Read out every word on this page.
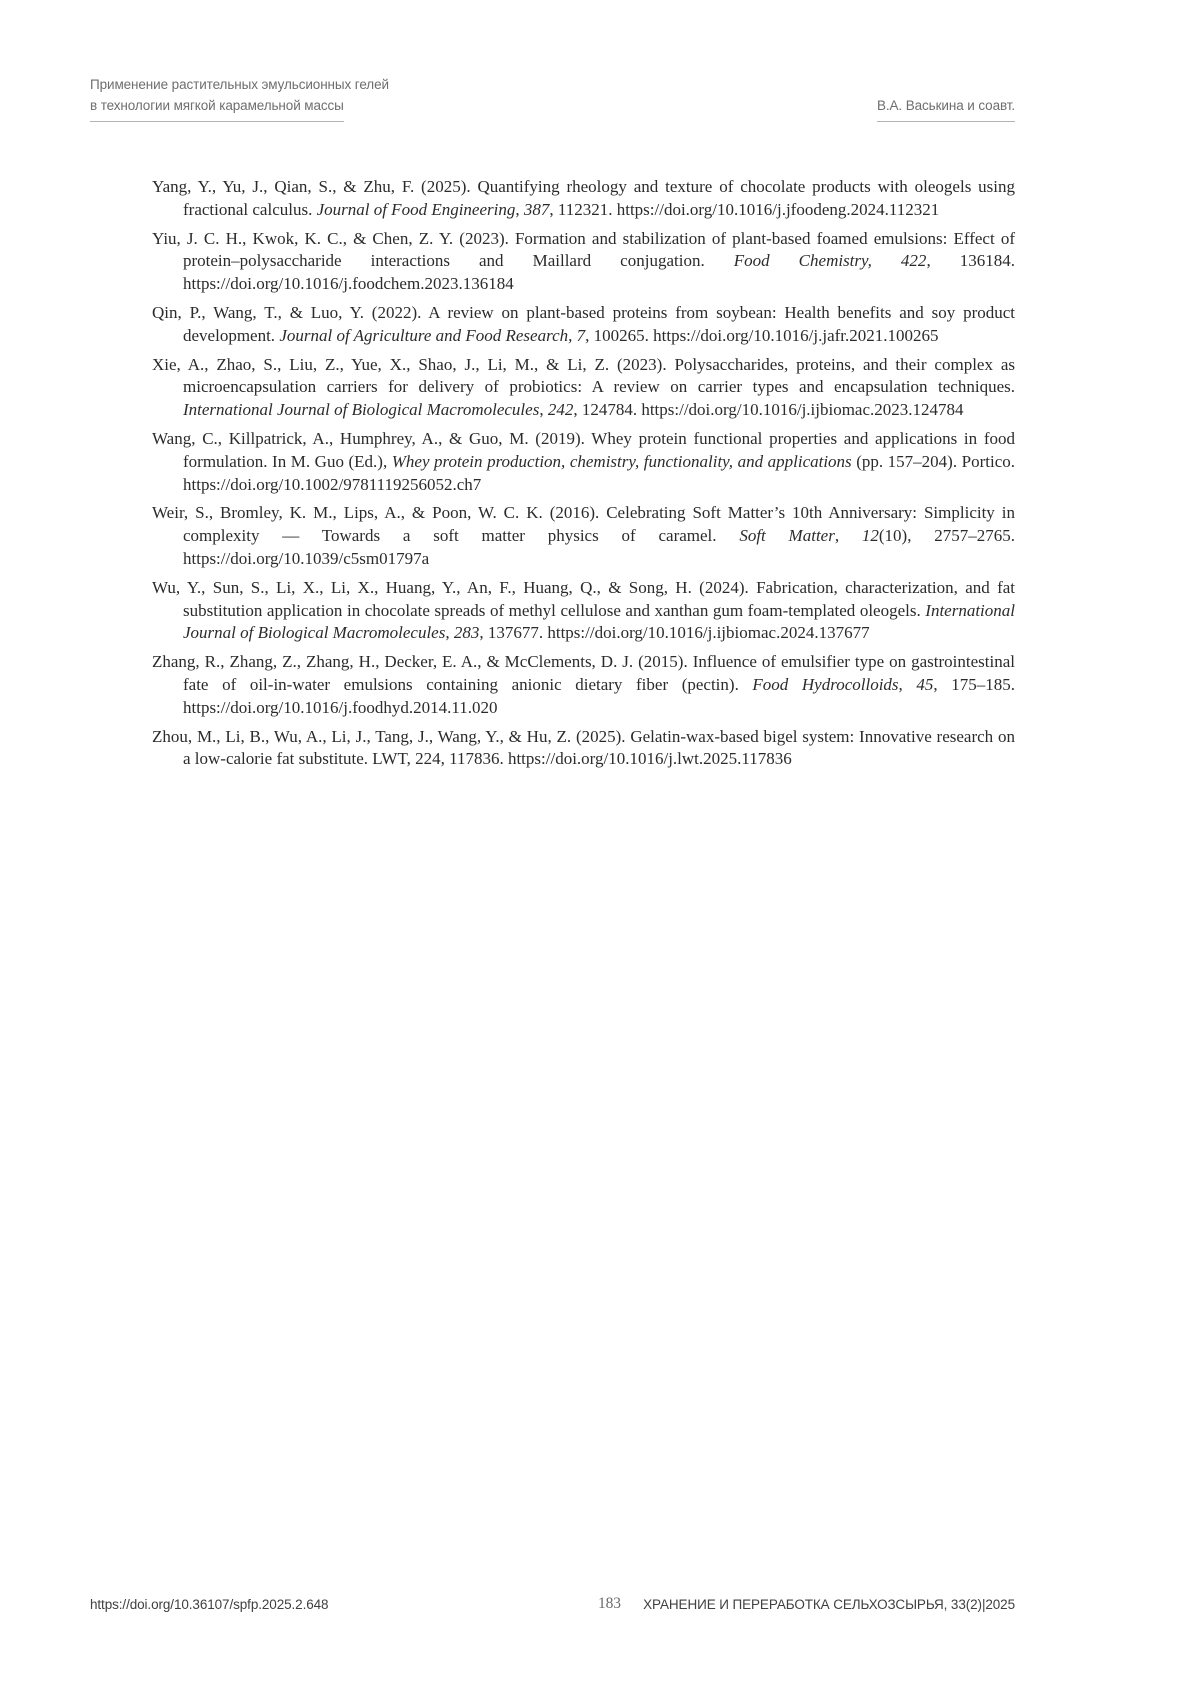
Применение растительных эмульсионных гелей
в технологии мягкой карамельной массы	В.А. Васькина и соавт.

Yang, Y., Yu, J., Qian, S., & Zhu, F. (2025). Quantifying rheology and texture of chocolate products with oleogels using fractional calculus. Journal of Food Engineering, 387, 112321. https://doi.org/10.1016/j.jfoodeng.2024.112321

Yiu, J. C. H., Kwok, K. C., & Chen, Z. Y. (2023). Formation and stabilization of plant-based foamed emulsions: Effect of protein–polysaccharide interactions and Maillard conjugation. Food Chemistry, 422, 136184. https://doi.org/10.1016/j.foodchem.2023.136184

Qin, P., Wang, T., & Luo, Y. (2022). A review on plant-based proteins from soybean: Health benefits and soy product development. Journal of Agriculture and Food Research, 7, 100265. https://doi.org/10.1016/j.jafr.2021.100265

Xie, A., Zhao, S., Liu, Z., Yue, X., Shao, J., Li, M., & Li, Z. (2023). Polysaccharides, proteins, and their complex as microencapsulation carriers for delivery of probiotics: A review on carrier types and encapsulation techniques. International Journal of Biological Macromolecules, 242, 124784. https://doi.org/10.1016/j.ijbiomac.2023.124784

Wang, C., Killpatrick, A., Humphrey, A., & Guo, M. (2019). Whey protein functional properties and applications in food formulation. In M. Guo (Ed.), Whey protein production, chemistry, functionality, and applications (pp. 157–204). Portico. https://doi.org/10.1002/9781119256052.ch7

Weir, S., Bromley, K. M., Lips, A., & Poon, W. C. K. (2016). Celebrating Soft Matter’s 10th Anniversary: Simplicity in complexity — Towards a soft matter physics of caramel. Soft Matter, 12(10), 2757–2765. https://doi.org/10.1039/c5sm01797a

Wu, Y., Sun, S., Li, X., Li, X., Huang, Y., An, F., Huang, Q., & Song, H. (2024). Fabrication, characterization, and fat substitution application in chocolate spreads of methyl cellulose and xanthan gum foam-templated oleogels. International Journal of Biological Macromolecules, 283, 137677. https://doi.org/10.1016/j.ijbiomac.2024.137677

Zhang, R., Zhang, Z., Zhang, H., Decker, E. A., & McClements, D. J. (2015). Influence of emulsifier type on gastrointestinal fate of oil-in-water emulsions containing anionic dietary fiber (pectin). Food Hydrocolloids, 45, 175–185. https://doi.org/10.1016/j.foodhyd.2014.11.020

Zhou, M., Li, B., Wu, A., Li, J., Tang, J., Wang, Y., & Hu, Z. (2025). Gelatin-wax-based bigel system: Innovative research on a low-calorie fat substitute. LWT, 224, 117836. https://doi.org/10.1016/j.lwt.2025.117836

https://doi.org/10.36107/spfp.2025.2.648	183 ХРАНЕНИЕ И ПЕРЕРАБОТКА СЕЛЬХОЗСЫРЬЯ, 33(2)|2025
